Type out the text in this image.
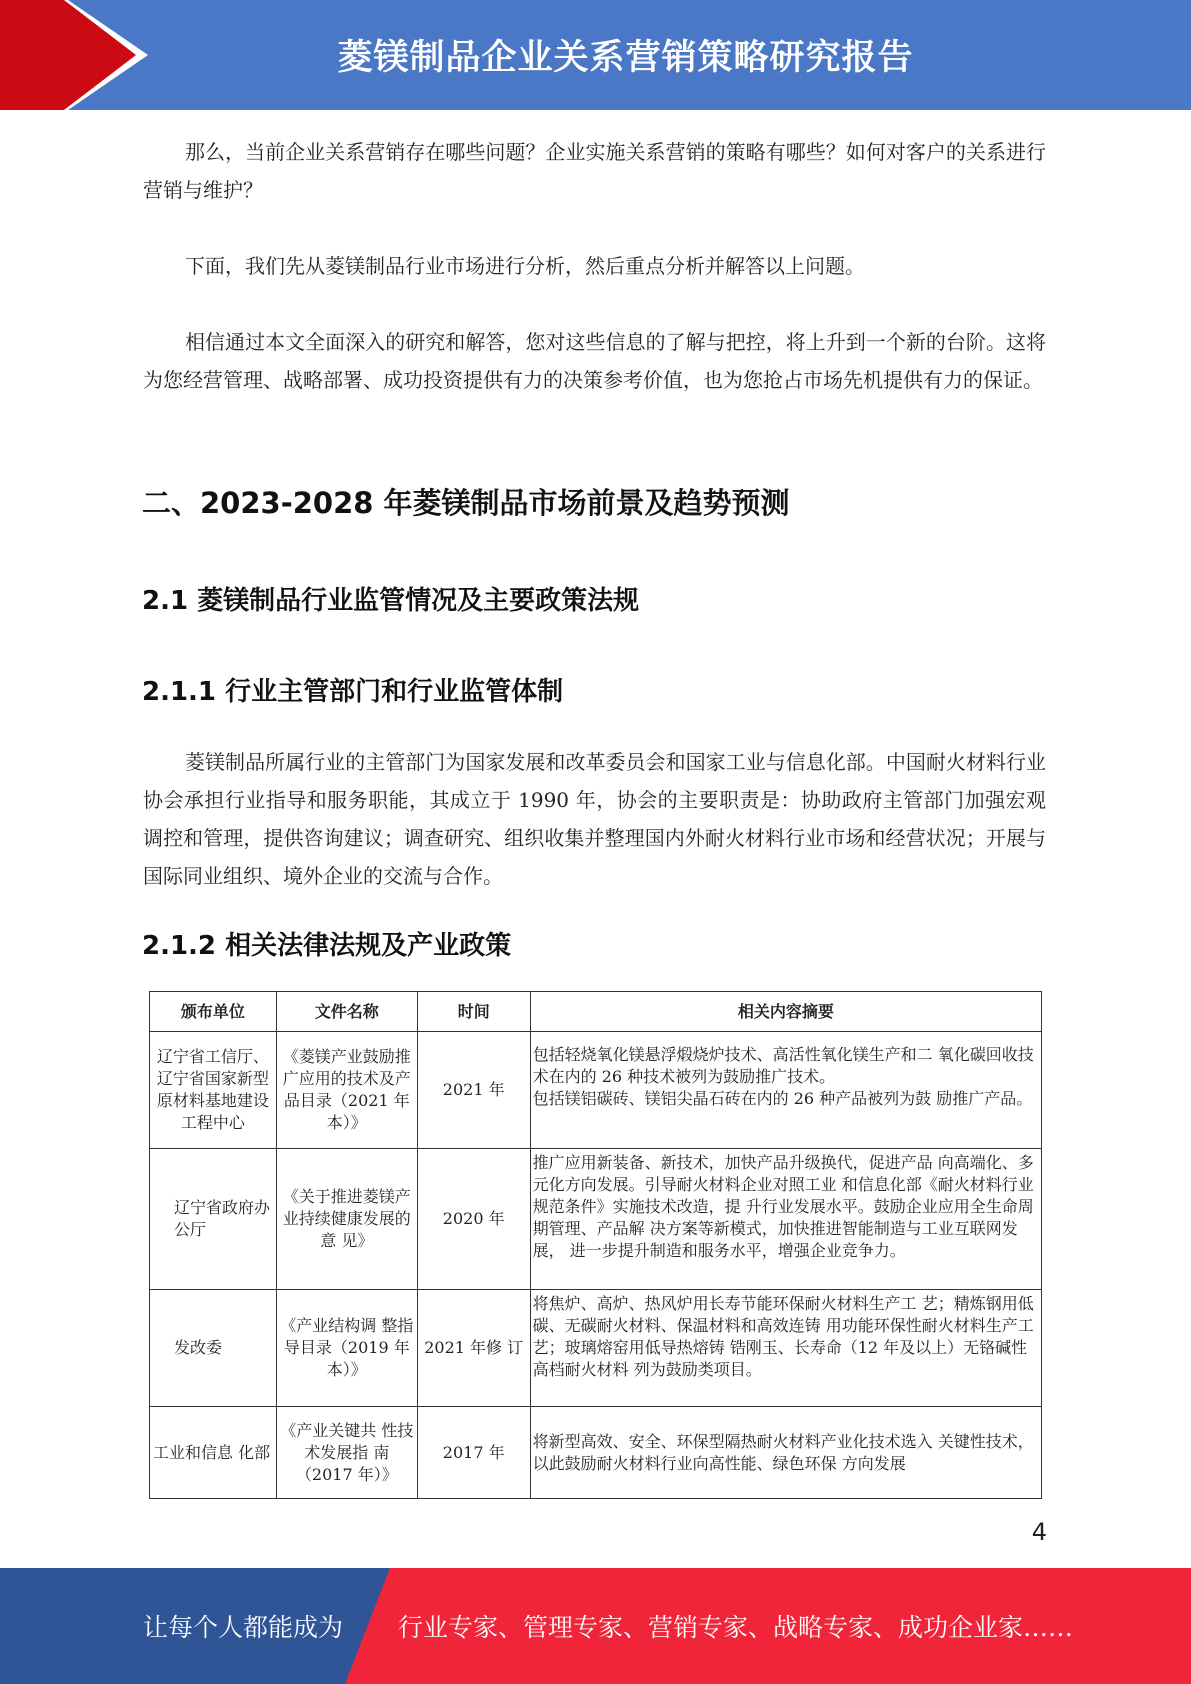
菱镁制品企业关系营销策略研究报告
那么，当前企业关系营销存在哪些问题？企业实施关系营销的策略有哪些？如何对客户的关系进行营销与维护？
下面，我们先从菱镁制品行业市场进行分析，然后重点分析并解答以上问题。
相信通过本文全面深入的研究和解答，您对这些信息的了解与把控，将上升到一个新的台阶。这将为您经营管理、战略部署、成功投资提供有力的决策参考价值，也为您抢占市场先机提供有力的保证。
二、2023-2028 年菱镁制品市场前景及趋势预测
2.1 菱镁制品行业监管情况及主要政策法规
2.1.1 行业主管部门和行业监管体制
菱镁制品所属行业的主管部门为国家发展和改革委员会和国家工业与信息化部。中国耐火材料行业协会承担行业指导和服务职能，其成立于 1990 年，协会的主要职责是：协助政府主管部门加强宏观调控和管理，提供咨询建议；调查研究、组织收集并整理国内外耐火材料行业市场和经营状况；开展与国际同业组织、境外企业的交流与合作。
2.1.2 相关法律法规及产业政策
颁布单位	文件名称	时间	相关内容摘要
辽宁省工信厅、辽宁省国家新型原材料基地建设工程中心	《菱镁产业鼓励推广应用的技术及产品目录（2021 年本）》	2021 年	包括轻烧氧化镁悬浮煅烧炉技术、高活性氧化镁生产和二 氧化碳回收技术在内的 26 种技术被列为鼓励推广技术。
包括镁铝碳砖、镁铝尖晶石砖在内的 26 种产品被列为鼓 励推广产品。

辽宁省政府办公厅	《关于推进菱镁产业持续健康发展的意 见》	2020 年	推广应用新装备、新技术，加快产品升级换代，促进产品 向高端化、多元化方向发展。引导耐火材料企业对照工业 和信息化部《耐火材料行业规范条件》实施技术改造，提 升行业发展水平。鼓励企业应用全生命周期管理、产品解 决方案等新模式，加快推进智能制造与工业互联网发展， 进一步提升制造和服务水平，增强企业竞争力。

发改委	《产业结构调 整指导目录（2019 年本）》	2021 年修 订	将焦炉、高炉、热风炉用长寿节能环保耐火材料生产工 艺；精炼钢用低碳、无碳耐火材料、保温材料和高效连铸 用功能环保性耐火材料生产工艺；玻璃熔窑用低导热熔铸 锆刚玉、长寿命（12 年及以上）无铬碱性高档耐火材料 列为鼓励类项目。

工业和信息 化部	《产业关键共 性技术发展指 南（2017 年）》	2017 年	将新型高效、安全、环保型隔热耐火材料产业化技术选入 关键性技术，以此鼓励耐火材料行业向高性能、绿色环保 方向发展
4
让每个人都能成为 行业专家、管理专家、营销专家、战略专家、成功企业家……
